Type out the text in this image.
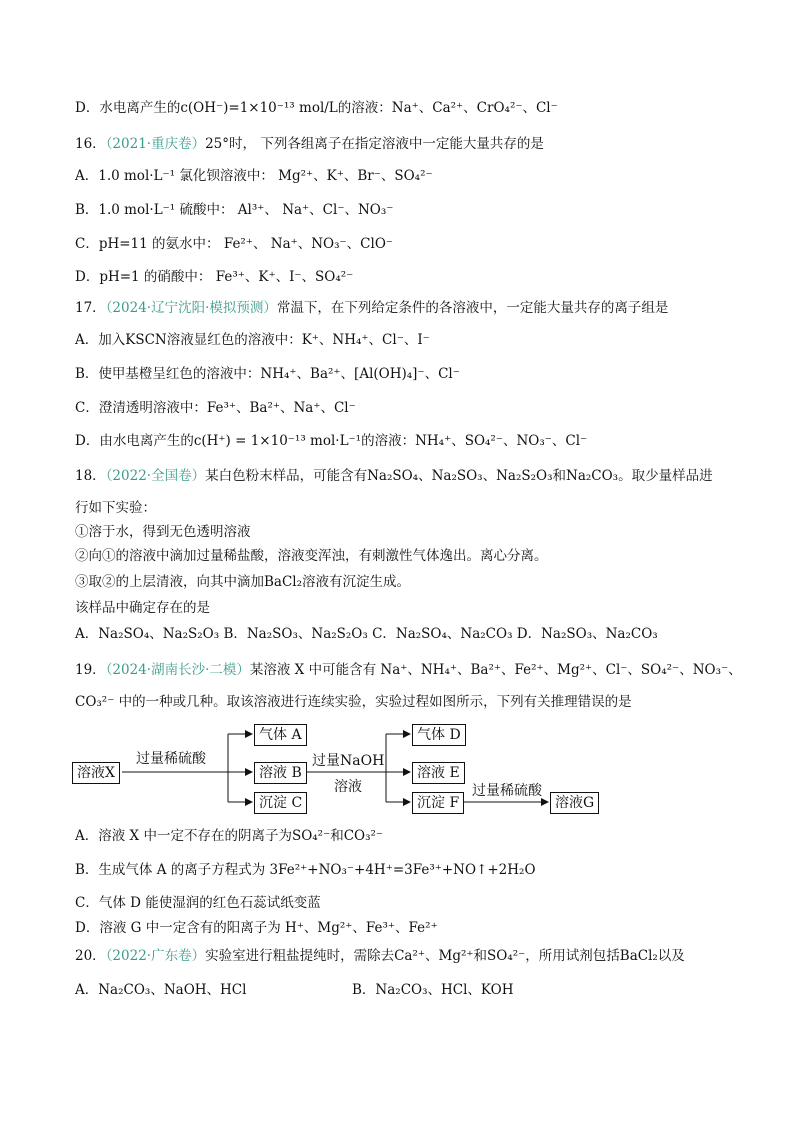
D．水电离产生的c(OH⁻)=1×10⁻¹³ mol/L的溶液：Na⁺、Ca²⁺、CrO₄²⁻、Cl⁻
16．（2021·重庆卷）25°时， 下列各组离子在指定溶液中一定能大量共存的是
A．1.0 mol·L⁻¹ 氯化钡溶液中： Mg²⁺、K⁺、Br⁻、SO₄²⁻
B．1.0 mol·L⁻¹ 硫酸中： Al³⁺、 Na⁺、Cl⁻、NO₃⁻
C．pH=11 的氨水中： Fe²⁺、 Na⁺、NO₃⁻、ClO⁻
D．pH=1 的硝酸中： Fe³⁺、K⁺、I⁻、SO₄²⁻
17．（2024·辽宁沈阳·模拟预测）常温下，在下列给定条件的各溶液中，一定能大量共存的离子组是
A．加入KSCN溶液显红色的溶液中：K⁺、NH₄⁺、Cl⁻、I⁻
B．使甲基橙呈红色的溶液中：NH₄⁺、Ba²⁺、[Al(OH)₄]⁻、Cl⁻
C．澄清透明溶液中：Fe³⁺、Ba²⁺、Na⁺、Cl⁻
D．由水电离产生的c(H⁺) = 1×10⁻¹³ mol·L⁻¹的溶液：NH₄⁺、SO₄²⁻、NO₃⁻、Cl⁻
18．（2022·全国卷）某白色粉末样品，可能含有Na₂SO₄、Na₂SO₃、Na₂S₂O₃和Na₂CO₃。取少量样品进
行如下实验：
①溶于水，得到无色透明溶液
②向①的溶液中滴加过量稀盐酸，溶液变浑浊，有刺激性气体逸出。离心分离。
③取②的上层清液，向其中滴加BaCl₂溶液有沉淀生成。
该样品中确定存在的是
A．Na₂SO₄、Na₂S₂O₃ B．Na₂SO₃、Na₂S₂O₃ C．Na₂SO₄、Na₂CO₃ D．Na₂SO₃、Na₂CO₃
19．（2024·湖南长沙·二模）某溶液 X 中可能含有 Na⁺、NH₄⁺、Ba²⁺、Fe²⁺、Mg²⁺、Cl⁻、SO₄²⁻、NO₃⁻、
CO₃²⁻ 中的一种或几种。取该溶液进行连续实验，实验过程如图所示，下列有关推理错误的是
A．溶液 X 中一定不存在的阴离子为SO₄²⁻和CO₃²⁻
B．生成气体 A 的离子方程式为 3Fe²⁺+NO₃⁻+4H⁺=3Fe³⁺+NO↑+2H₂O
C．气体 D 能使湿润的红色石蕊试纸变蓝
D．溶液 G 中一定含有的阳离子为 H⁺、Mg²⁺、Fe³⁺、Fe²⁺
20．（2022·广东卷）实验室进行粗盐提纯时，需除去Ca²⁺、Mg²⁺和SO₄²⁻，所用试剂包括BaCl₂以及
A．Na₂CO₃、NaOH、HCl	B．Na₂CO₃、HCl、KOH
溶液X
过量稀硫酸
气体 A
溶液 B
沉淀 C
过量NaOH
溶液
气体 D
溶液 E
沉淀 F
过量稀硫酸
溶液G
